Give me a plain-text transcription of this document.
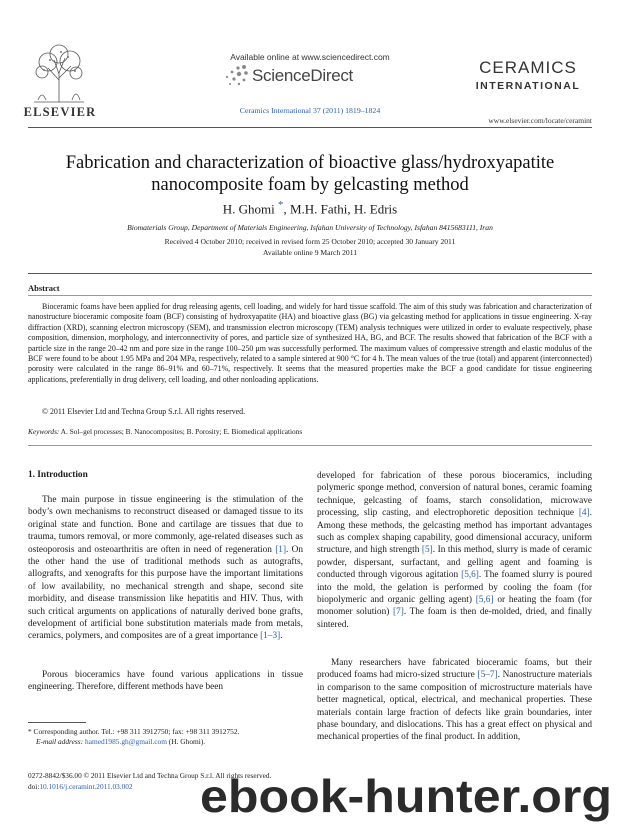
ELSEVIER
Available online at www.sciencedirect.com
ScienceDirect
Ceramics International 37 (2011) 1819–1824
CERAMICS
INTERNATIONAL
www.elsevier.com/locate/ceramint
Fabrication and characterization of bioactive glass/hydroxyapatite
nanocomposite foam by gelcasting method
H. Ghomi *, M.H. Fathi, H. Edris
Biomaterials Group, Department of Materials Engineering, Isfahan University of Technology, Isfahan 8415683111, Iran
Received 4 October 2010; received in revised form 25 October 2010; accepted 30 January 2011
Available online 9 March 2011
Abstract
Bioceramic foams have been applied for drug releasing agents, cell loading, and widely for hard tissue scaffold. The aim of this study was fabrication and characterization of nanostructure bioceramic composite foam (BCF) consisting of hydroxyapatite (HA) and bioactive glass (BG) via gelcasting method for applications in tissue engineering. X-ray diffraction (XRD), scanning electron microscopy (SEM), and transmission electron microscopy (TEM) analysis techniques were utilized in order to evaluate respectively, phase composition, dimension, morphology, and interconnectivity of pores, and particle size of synthesized HA, BG, and BCF. The results showed that fabrication of the BCF with a particle size in the range 20–42 nm and pore size in the range 100–250 μm was successfully performed. The maximum values of compressive strength and elastic modulus of the BCF were found to be about 1.95 MPa and 204 MPa, respectively, related to a sample sintered at 900 °C for 4 h. The mean values of the true (total) and apparent (interconnected) porosity were calculated in the range 86–91% and 60–71%, respectively. It seems that the measured properties make the BCF a good candidate for tissue engineering applications, preferentially in drug delivery, cell loading, and other nonloading applications.
© 2011 Elsevier Ltd and Techna Group S.r.l. All rights reserved.
Keywords: A. Sol–gel processes; B. Nanocomposites; B. Porosity; E. Biomedical applications
1. Introduction
The main purpose in tissue engineering is the stimulation of the body’s own mechanisms to reconstruct diseased or damaged tissue to its original state and function. Bone and cartilage are tissues that due to trauma, tumors removal, or more commonly, age-related diseases such as osteoporosis and osteoarthritis are often in need of regeneration [1]. On the other hand the use of traditional methods such as autografts, allografts, and xenografts for this purpose have the important limitations of low availability, no mechanical strength and shape, second site morbidity, and disease transmission like hepatitis and HIV. Thus, with such critical arguments on applications of naturally derived bone grafts, development of artificial bone substitution materials made from metals, ceramics, polymers, and composites are of a great importance [1–3].
Porous bioceramics have found various applications in tissue engineering. Therefore, different methods have been
developed for fabrication of these porous bioceramics, including polymeric sponge method, conversion of natural bones, ceramic foaming technique, gelcasting of foams, starch consolidation, microwave processing, slip casting, and electrophoretic deposition technique [4]. Among these methods, the gelcasting method has important advantages such as complex shaping capability, good dimensional accuracy, uniform structure, and high strength [5]. In this method, slurry is made of ceramic powder, dispersant, surfactant, and gelling agent and foaming is conducted through vigorous agitation [5,6]. The foamed slurry is poured into the mold, the gelation is performed by cooling the foam (for biopolymeric and organic gelling agent) [5,6] or heating the foam (for monomer solution) [7]. The foam is then de-molded, dried, and finally sintered.
Many researchers have fabricated bioceramic foams, but their produced foams had micro-sized structure [5–7]. Nanostructure materials in comparison to the same composition of microstructure materials have better magnetical, optical, electrical, and mechanical properties. These materials contain large fraction of defects like grain boundaries, inter phase boundary, and dislocations. This has a great effect on physical and mechanical properties of the final product. In addition,
* Corresponding author. Tel.: +98 311 3912750; fax: +98 311 3912752.
E-mail address: hamed1985.gh@gmail.com (H. Ghomi).
0272-8842/$36.00 © 2011 Elsevier Ltd and Techna Group S.r.l. All rights reserved.
doi:10.1016/j.ceramint.2011.03.002	ebook-hunter.org
